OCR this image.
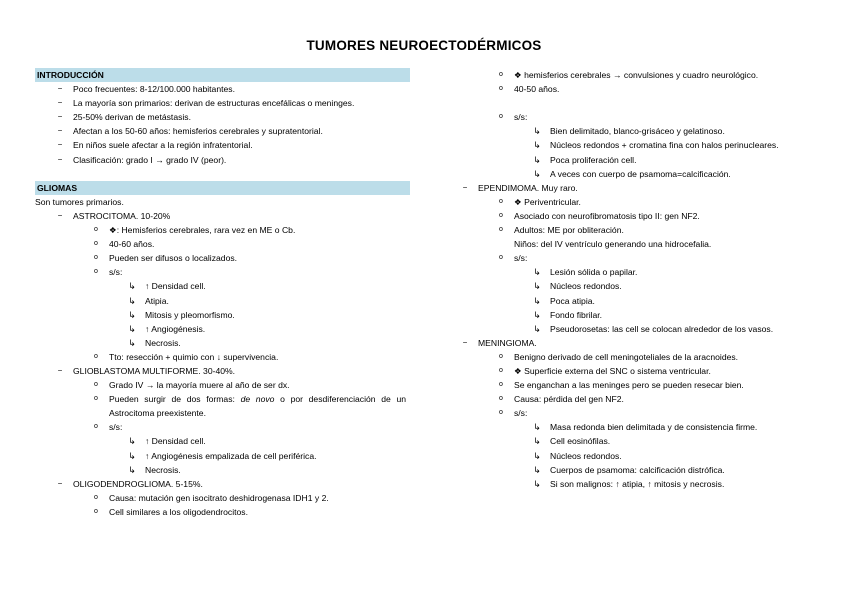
TUMORES NEUROECTODÉRMICOS
INTRODUCCIÓN
−	Poco frecuentes: 8-12/100.000 habitantes.
−	La mayoría son primarios: derivan de estructuras encefálicas o meninges.
−	25-50% derivan de metástasis.
−	Afectan a los 50-60 años: hemisferios cerebrales y supratentorial.
−	En niños suele afectar a la región infratentorial.
−	Clasificación: grado I → grado IV (peor).
GLIOMAS
Son tumores primarios.
−	ASTROCITOMA. 10-20%
o	❖: Hemisferios cerebrales, rara vez en ME o Cb.
o	40-60 años.
o	Pueden ser difusos o localizados.
o	s/s:
↳ ↑ Densidad cell.
↳ Atipia.
↳ Mitosis y pleomorfismo.
↳ ↑ Angiogénesis.
↳ Necrosis.
o	Tto: resección + quimio con ↓ supervivencia.
−	GLIOBLASTOMA MULTIFORME. 30-40%.
o	Grado IV → la mayoría muere al año de ser dx.
o	Pueden surgir de dos formas: de novo o por desdiferenciación de un Astrocitoma preexistente.
o	s/s:
↳ ↑ Densidad cell.
↳ ↑ Angiogénesis empalizada de cell periférica.
↳ Necrosis.
−	OLIGODENDROGLIOMA. 5-15%.
o	Causa: mutación gen isocitrato deshidrogenasa IDH1 y 2.
o	Cell similares a los oligodendrocitos.
o	❖ hemisferios cerebrales → convulsiones y cuadro neurológico.
o	40-50 años.
o	s/s:
↳ Bien delimitado, blanco-grisáceo y gelatinoso.
↳ Núcleos redondos + cromatina fina con halos perinucleares.
↳ Poca proliferación cell.
↳ A veces con cuerpo de psamoma=calcificación.
−	EPENDIMOMA. Muy raro.
o	❖ Periventricular.
o	Asociado con neurofibromatosis tipo II: gen NF2.
o	Adultos: ME por obliteración.
Niños: del IV ventrículo generando una hidrocefalia.
o	s/s:
↳ Lesión sólida o papilar.
↳ Núcleos redondos.
↳ Poca atipia.
↳ Fondo fibrilar.
↳ Pseudorosetas: las cell se colocan alrededor de los vasos.
−	MENINGIOMA.
o	Benigno derivado de cell meningoteliales de la aracnoides.
o	❖ Superficie externa del SNC o sistema ventricular.
o	Se enganchan a las meninges pero se pueden resecar bien.
o	Causa: pérdida del gen NF2.
o	s/s:
↳ Masa redonda bien delimitada y de consistencia firme.
↳ Cell eosinófilas.
↳ Núcleos redondos.
↳ Cuerpos de psamoma: calcificación distrófica.
↳ Si son malignos: ↑ atipia, ↑ mitosis y necrosis.
